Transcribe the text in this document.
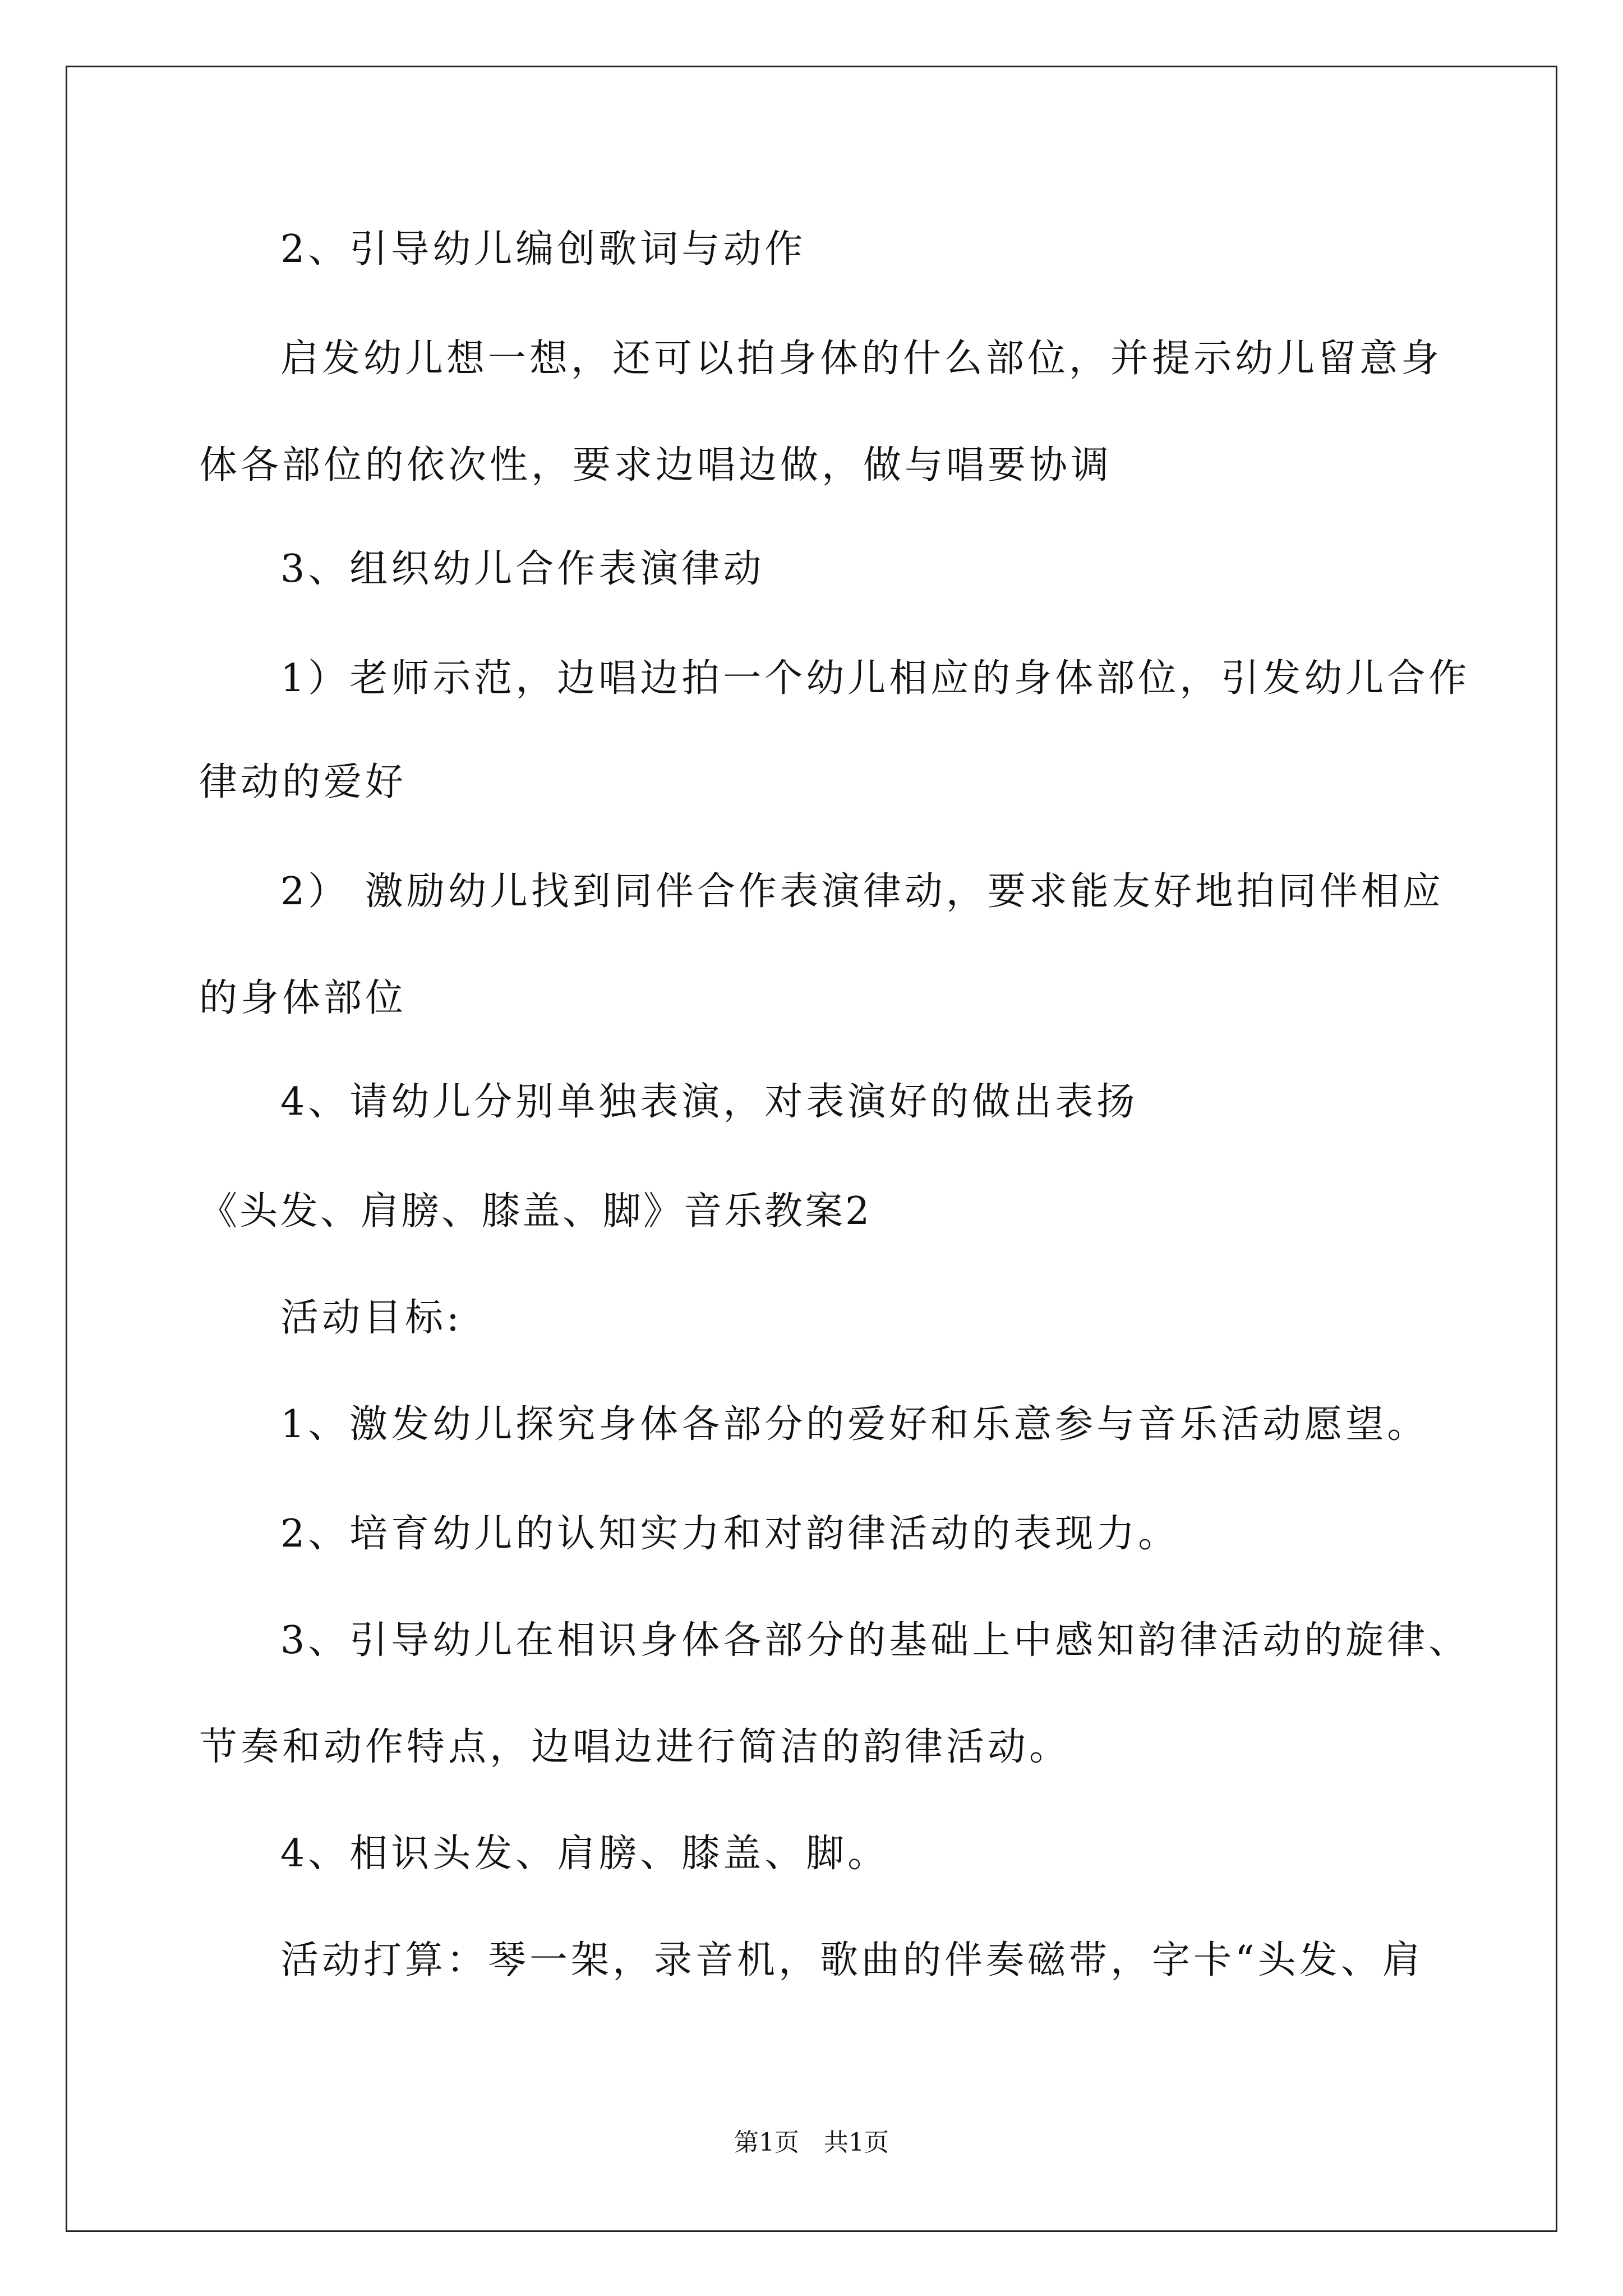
2、引导幼儿编创歌词与动作
启发幼儿想一想，还可以拍身体的什么部位，并提示幼儿留意身
体各部位的依次性，要求边唱边做，做与唱要协调
3、组织幼儿合作表演律动
1）老师示范，边唱边拍一个幼儿相应的身体部位，引发幼儿合作
律动的爱好
2） 激励幼儿找到同伴合作表演律动，要求能友好地拍同伴相应
的身体部位
4、请幼儿分别单独表演，对表演好的做出表扬
《头发、肩膀、膝盖、脚》音乐教案2
活动目标:
1、激发幼儿探究身体各部分的爱好和乐意参与音乐活动愿望。
2、培育幼儿的认知实力和对韵律活动的表现力。
3、引导幼儿在相识身体各部分的基础上中感知韵律活动的旋律、
节奏和动作特点，边唱边进行简洁的韵律活动。
4、相识头发、肩膀、膝盖、脚。
活动打算：琴一架，录音机，歌曲的伴奏磁带，字卡“头发、肩
第1页　共1页
